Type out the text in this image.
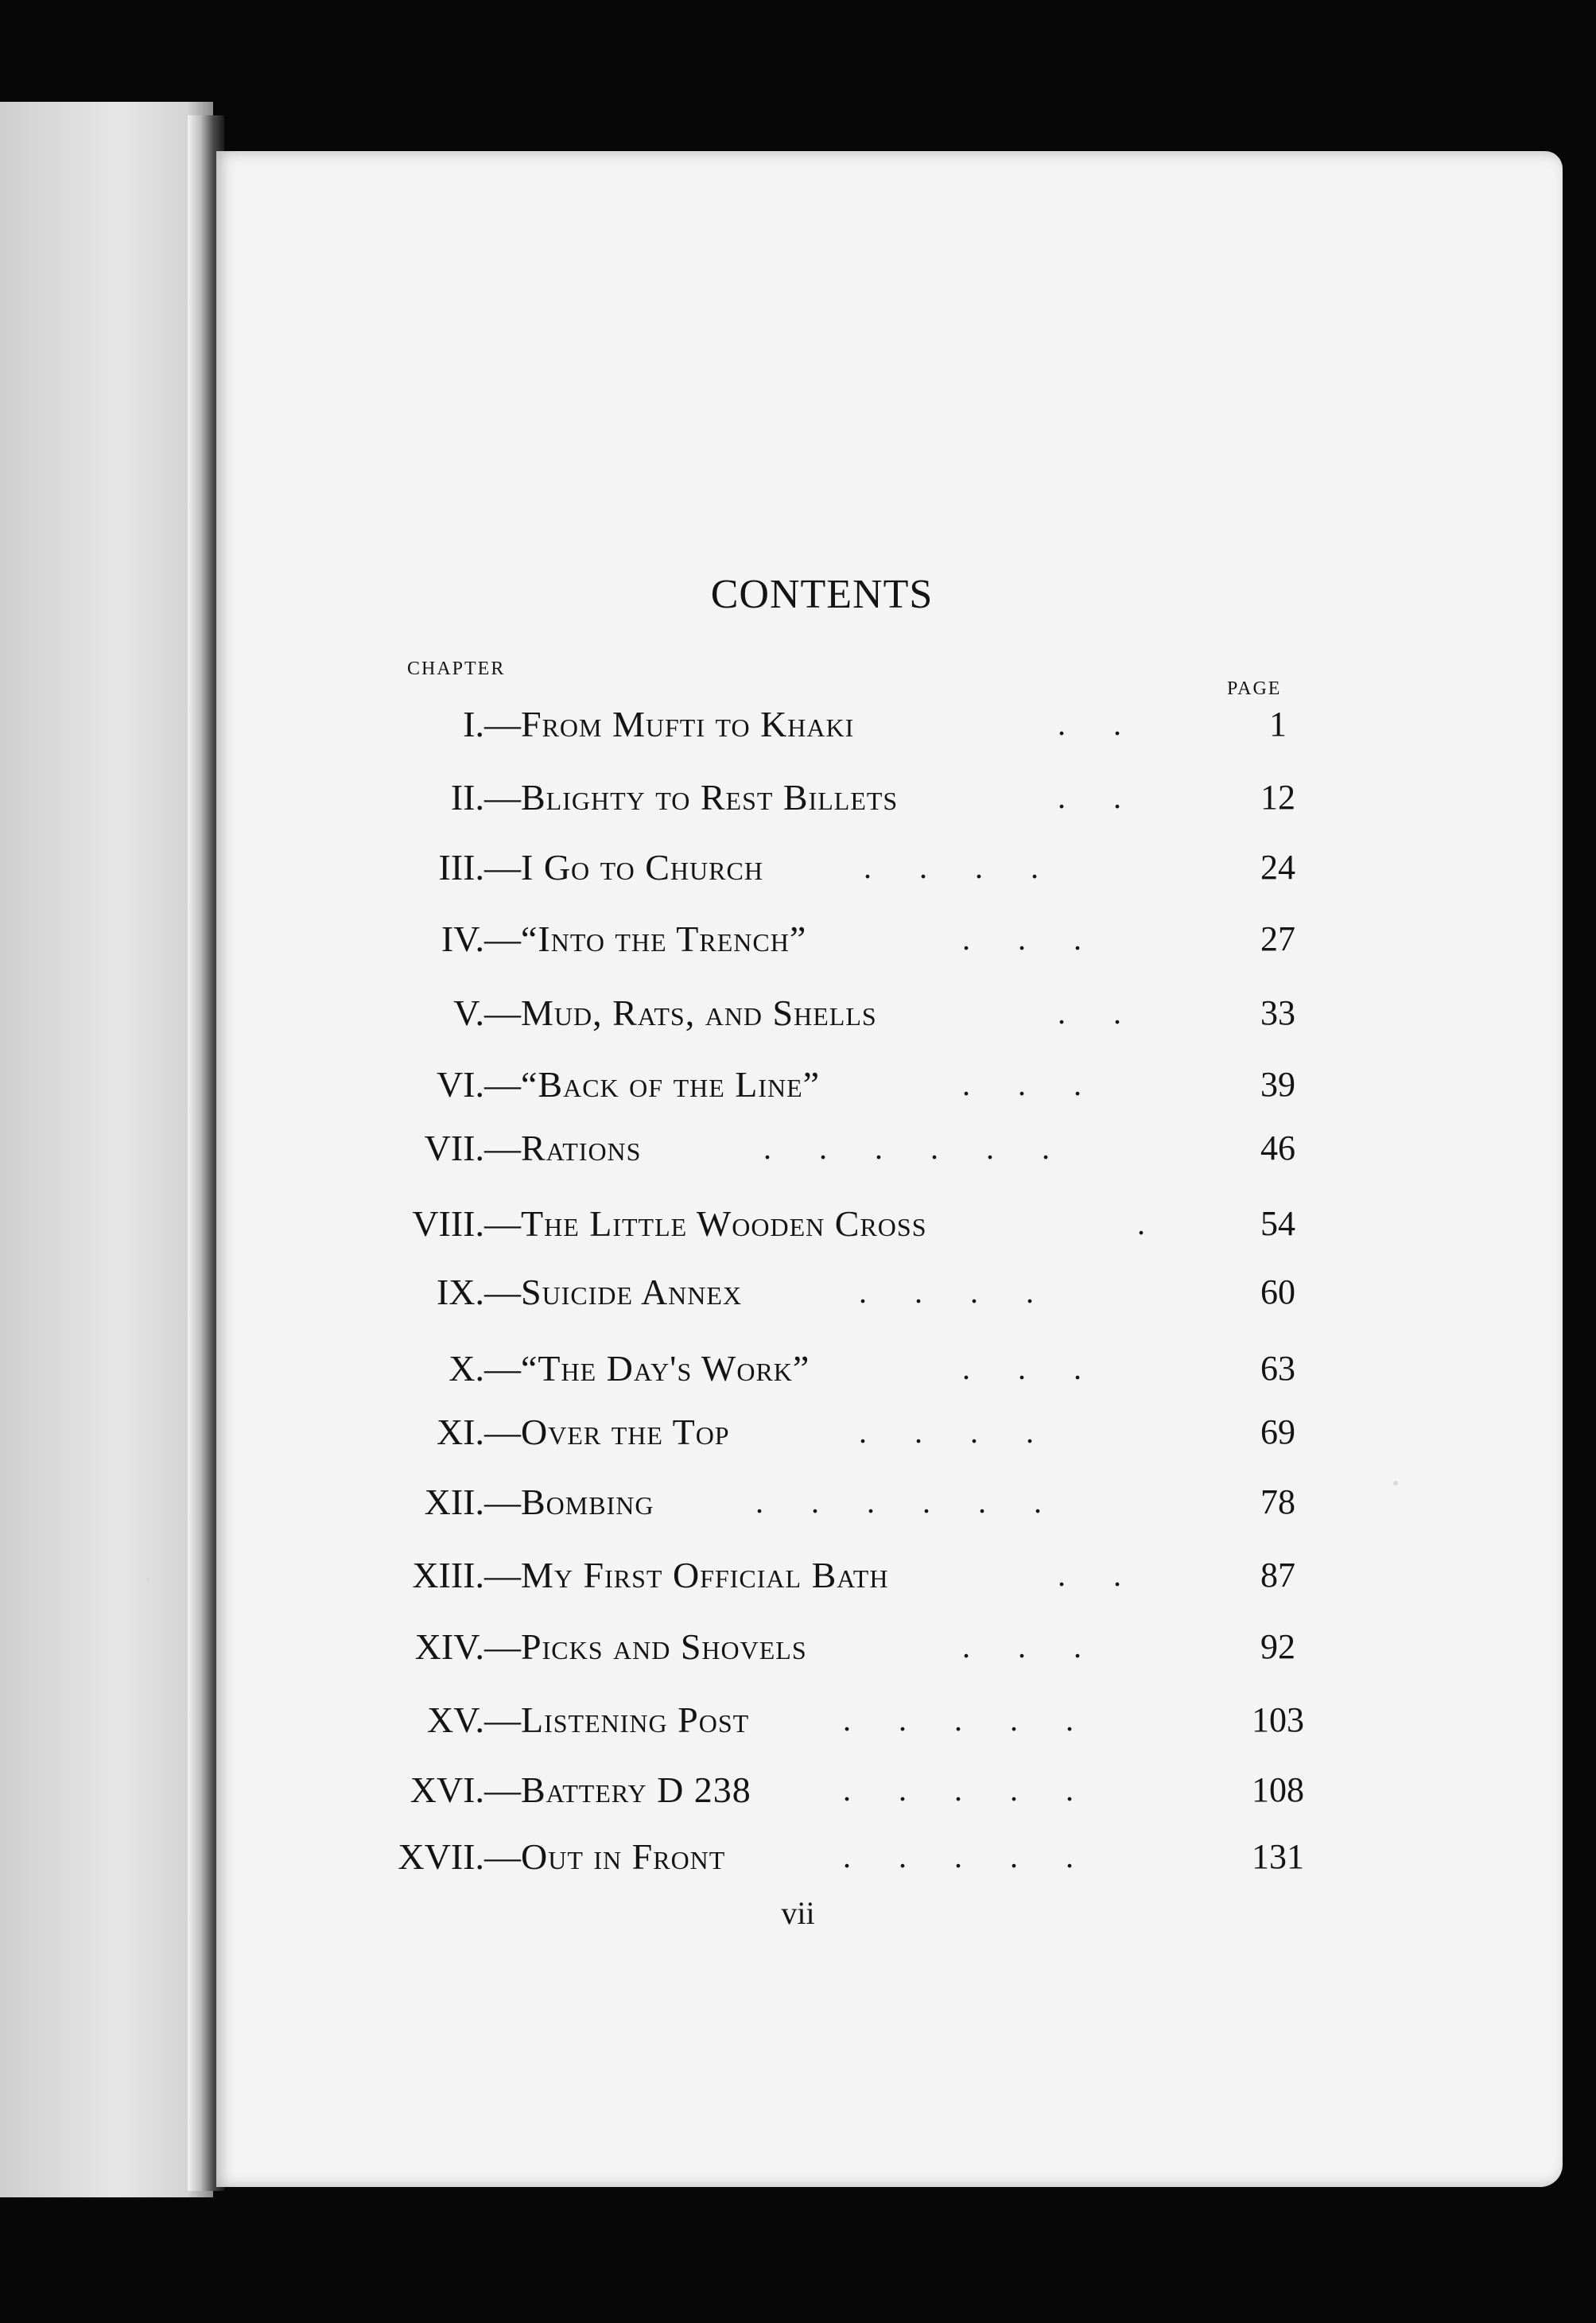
CONTENTS
CHAPTER
PAGE
I.—From Mufti to Khaki	.      .	1
II.—Blighty to Rest Billets	.      .	12
III.—I Go to Church	.      .      .      .	24
IV.—“Into the Trench”	.      .      .	27
V.—Mud, Rats, and Shells	.      .	33
VI.—“Back of the Line”	.      .      .	39
VII.—Rations	.      .      .      .      .      .	46
VIII.—The Little Wooden Cross	.	54
IX.—Suicide Annex	.      .      .      .	60
X.—“The Day's Work”	.      .      .	63
XI.—Over the Top	.      .      .      .	69
XII.—Bombing	.      .      .      .      .      .	78
XIII.—My First Official Bath	.      .	87
XIV.—Picks and Shovels	.      .      .	92
XV.—Listening Post	.      .      .      .      .	103
XVI.—Battery D 238	.      .      .      .      .	108
XVII.—Out in Front	.      .      .      .      .	131
vii
